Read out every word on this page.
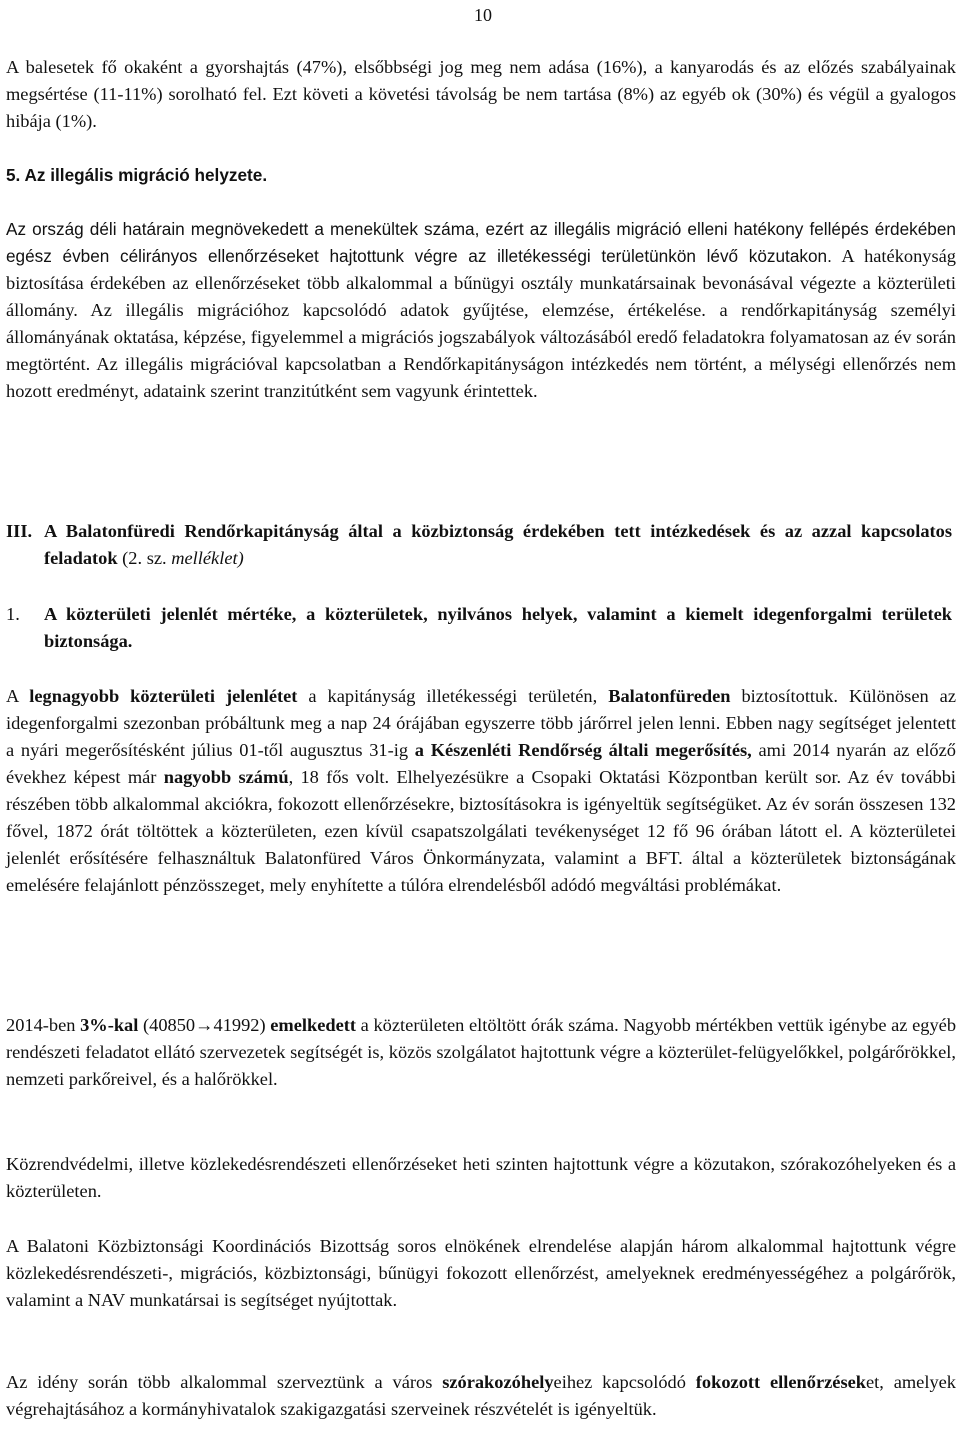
10

A balesetek fő okaként a gyorshajtás (47%), elsőbbségi jog meg nem adása (16%), a kanyarodás és az előzés szabályainak megsértése (11-11%) sorolható fel. Ezt követi a követési távolság be nem tartása (8%) az egyéb ok (30%) és végül a gyalogos hibája (1%).

5. Az illegális migráció helyzete.

Az ország déli határain megnövekedett a menekültek száma, ezért az illegális migráció elleni hatékony fellépés érdekében egész évben célirányos ellenőrzéseket hajtottunk végre az illetékességi területünkön lévő közutakon. A hatékonyság biztosítása érdekében az ellenőrzéseket több alkalommal a bűnügyi osztály munkatársainak bevonásával végezte a közterületi állomány. Az illegális migrációhoz kapcsolódó adatok gyűjtése, elemzése, értékelése. a rendőrkapitányság személyi állományának oktatása, képzése, figyelemmel a migrációs jogszabályok változásából eredő feladatokra folyamatosan az év során megtörtént. Az illegális migrációval kapcsolatban a Rendőrkapitányságon intézkedés nem történt, a mélységi ellenőrzés nem hozott eredményt, adataink szerint tranzitútként sem vagyunk érintettek.

III. A Balatonfüredi Rendőrkapitányság által a közbiztonság érdekében tett intézkedések és az azzal kapcsolatos feladatok (2. sz. melléklet)

1. A közterületi jelenlét mértéke, a közterületek, nyilvános helyek, valamint a kiemelt idegenforgalmi területek biztonsága.

A legnagyobb közterületi jelenlétet a kapitányság illetékességi területén, Balatonfüreden biztosítottuk. Különösen az idegenforgalmi szezonban próbáltunk meg a nap 24 órájában egyszerre több járőrrel jelen lenni. Ebben nagy segítséget jelentett a nyári megerősítésként július 01-től augusztus 31-ig a Készenléti Rendőrség általi megerősítés, ami 2014 nyarán az előző évekhez képest már nagyobb számú, 18 fős volt. Elhelyezésükre a Csopaki Oktatási Központban került sor. Az év további részében több alkalommal akciókra, fokozott ellenőrzésekre, biztosításokra is igényeltük segítségüket. Az év során összesen 132 fővel, 1872 órát töltöttek a közterületen, ezen kívül csapatszolgálati tevékenységet 12 fő 96 órában látott el. A közterületei jelenlét erősítésére felhasználtuk Balatonfüred Város Önkormányzata, valamint a BFT. által a közterületek biztonságának emelésére felajánlott pénzösszeget, mely enyhítette a túlóra elrendelésből adódó megváltási problémákat.

2014-ben 3%-kal (40850→41992) emelkedett a közterületen eltöltött órák száma. Nagyobb mértékben vettük igénybe az egyéb rendészeti feladatot ellátó szervezetek segítségét is, közös szolgálatot hajtottunk végre a közterület-felügyelőkkel, polgárőrökkel, nemzeti parkőreivel, és a halőrökkel.

Közrendvédelmi, illetve közlekedésrendészeti ellenőrzéseket heti szinten hajtottunk végre a közutakon, szórakozóhelyeken és a közterületen.

A Balatoni Közbiztonsági Koordinációs Bizottság soros elnökének elrendelése alapján három alkalommal hajtottunk végre közlekedésrendészeti-, migrációs, közbiztonsági, bűnügyi fokozott ellenőrzést, amelyeknek eredményességéhez a polgárőrök, valamint a NAV munkatársai is segítséget nyújtottak.

Az idény során több alkalommal szerveztünk a város szórakozóhelyeihez kapcsolódó fokozott ellenőrzéseket, amelyek végrehajtásához a kormányhivatalok szakigazgatási szerveinek részvételét is igényeltük.
